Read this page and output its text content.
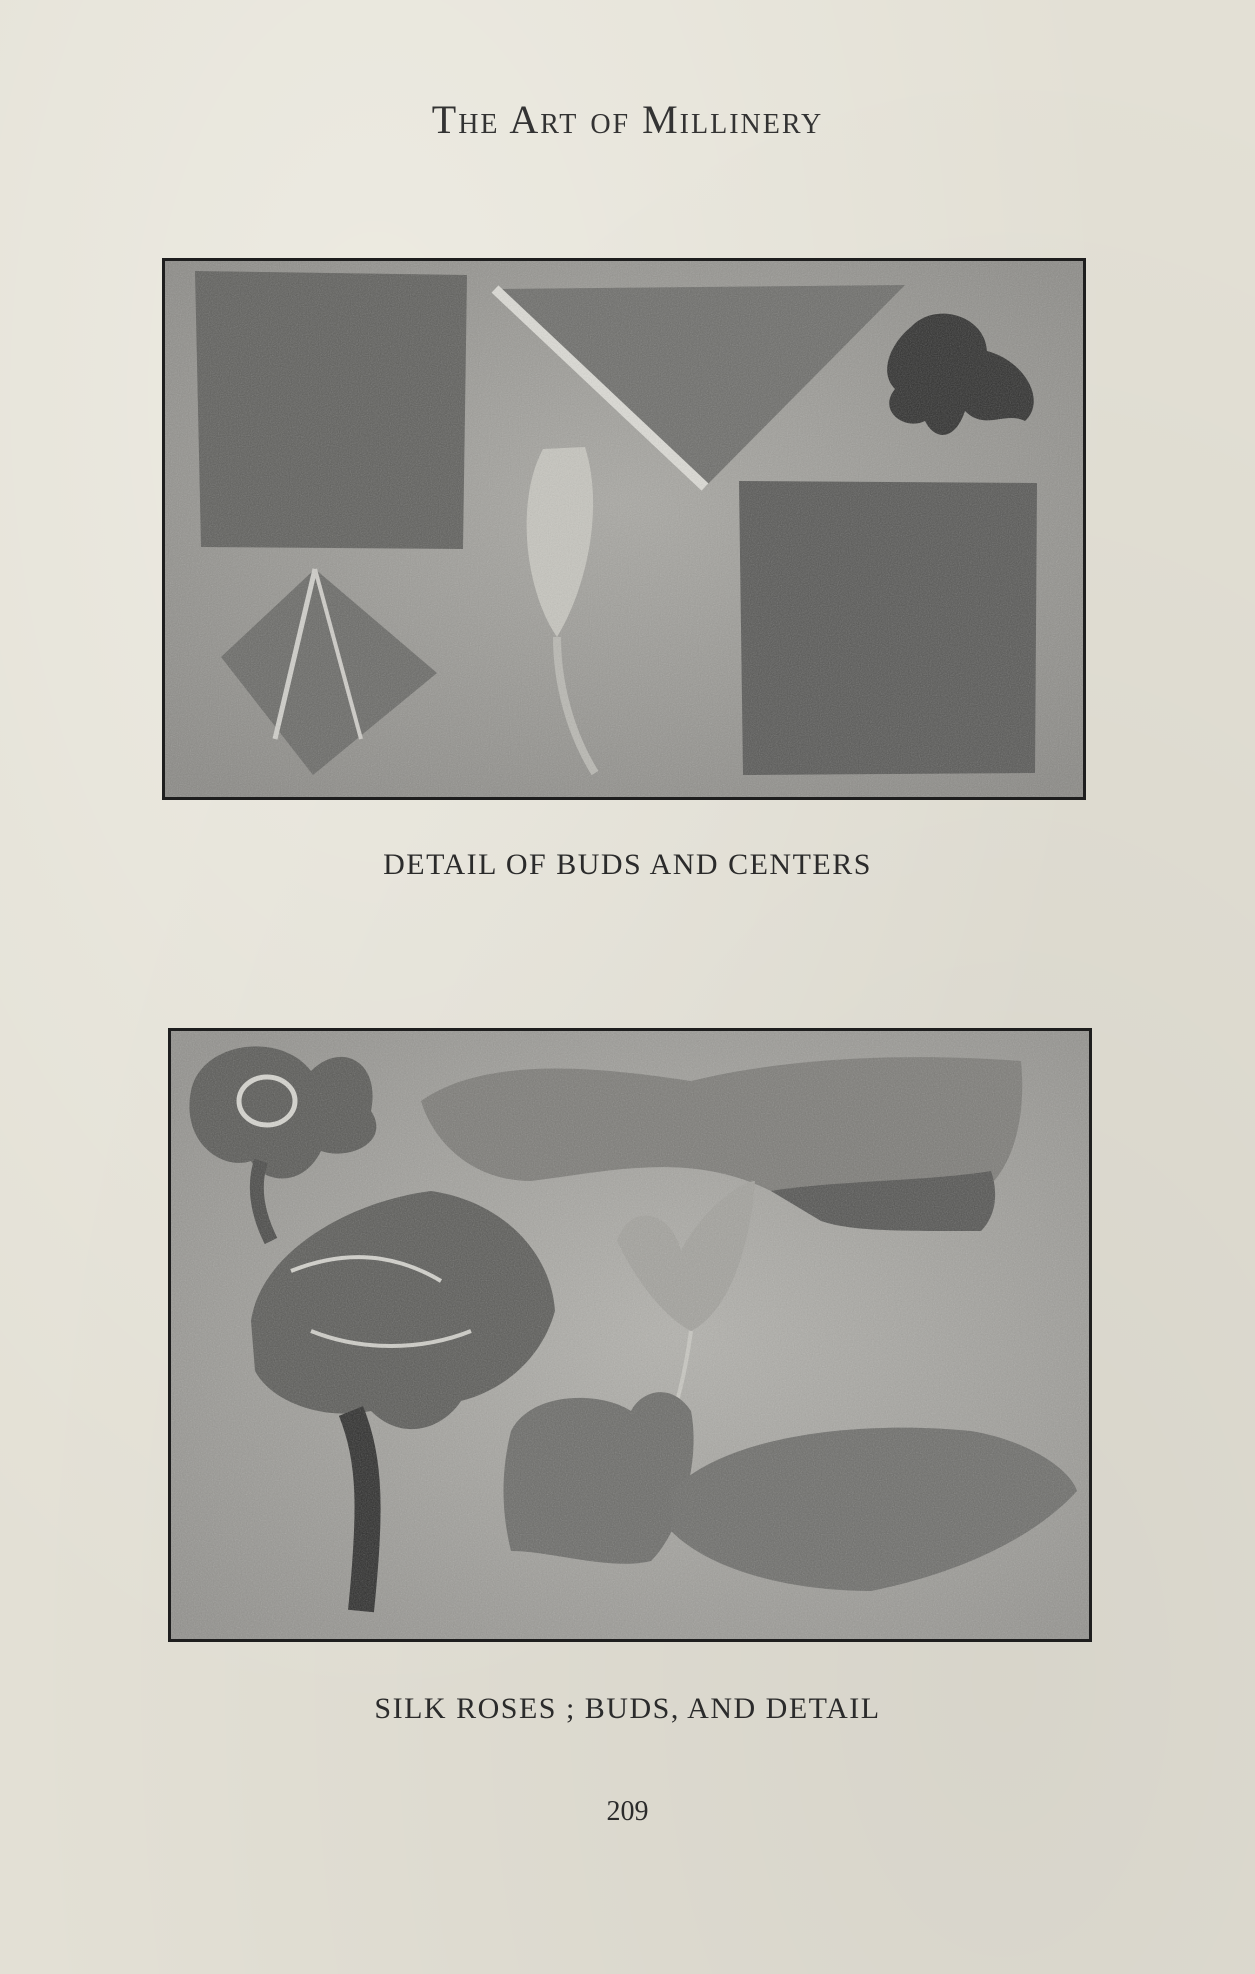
The Art of Millinery
DETAIL OF BUDS AND CENTERS
SILK ROSES ; BUDS, AND DETAIL
209
